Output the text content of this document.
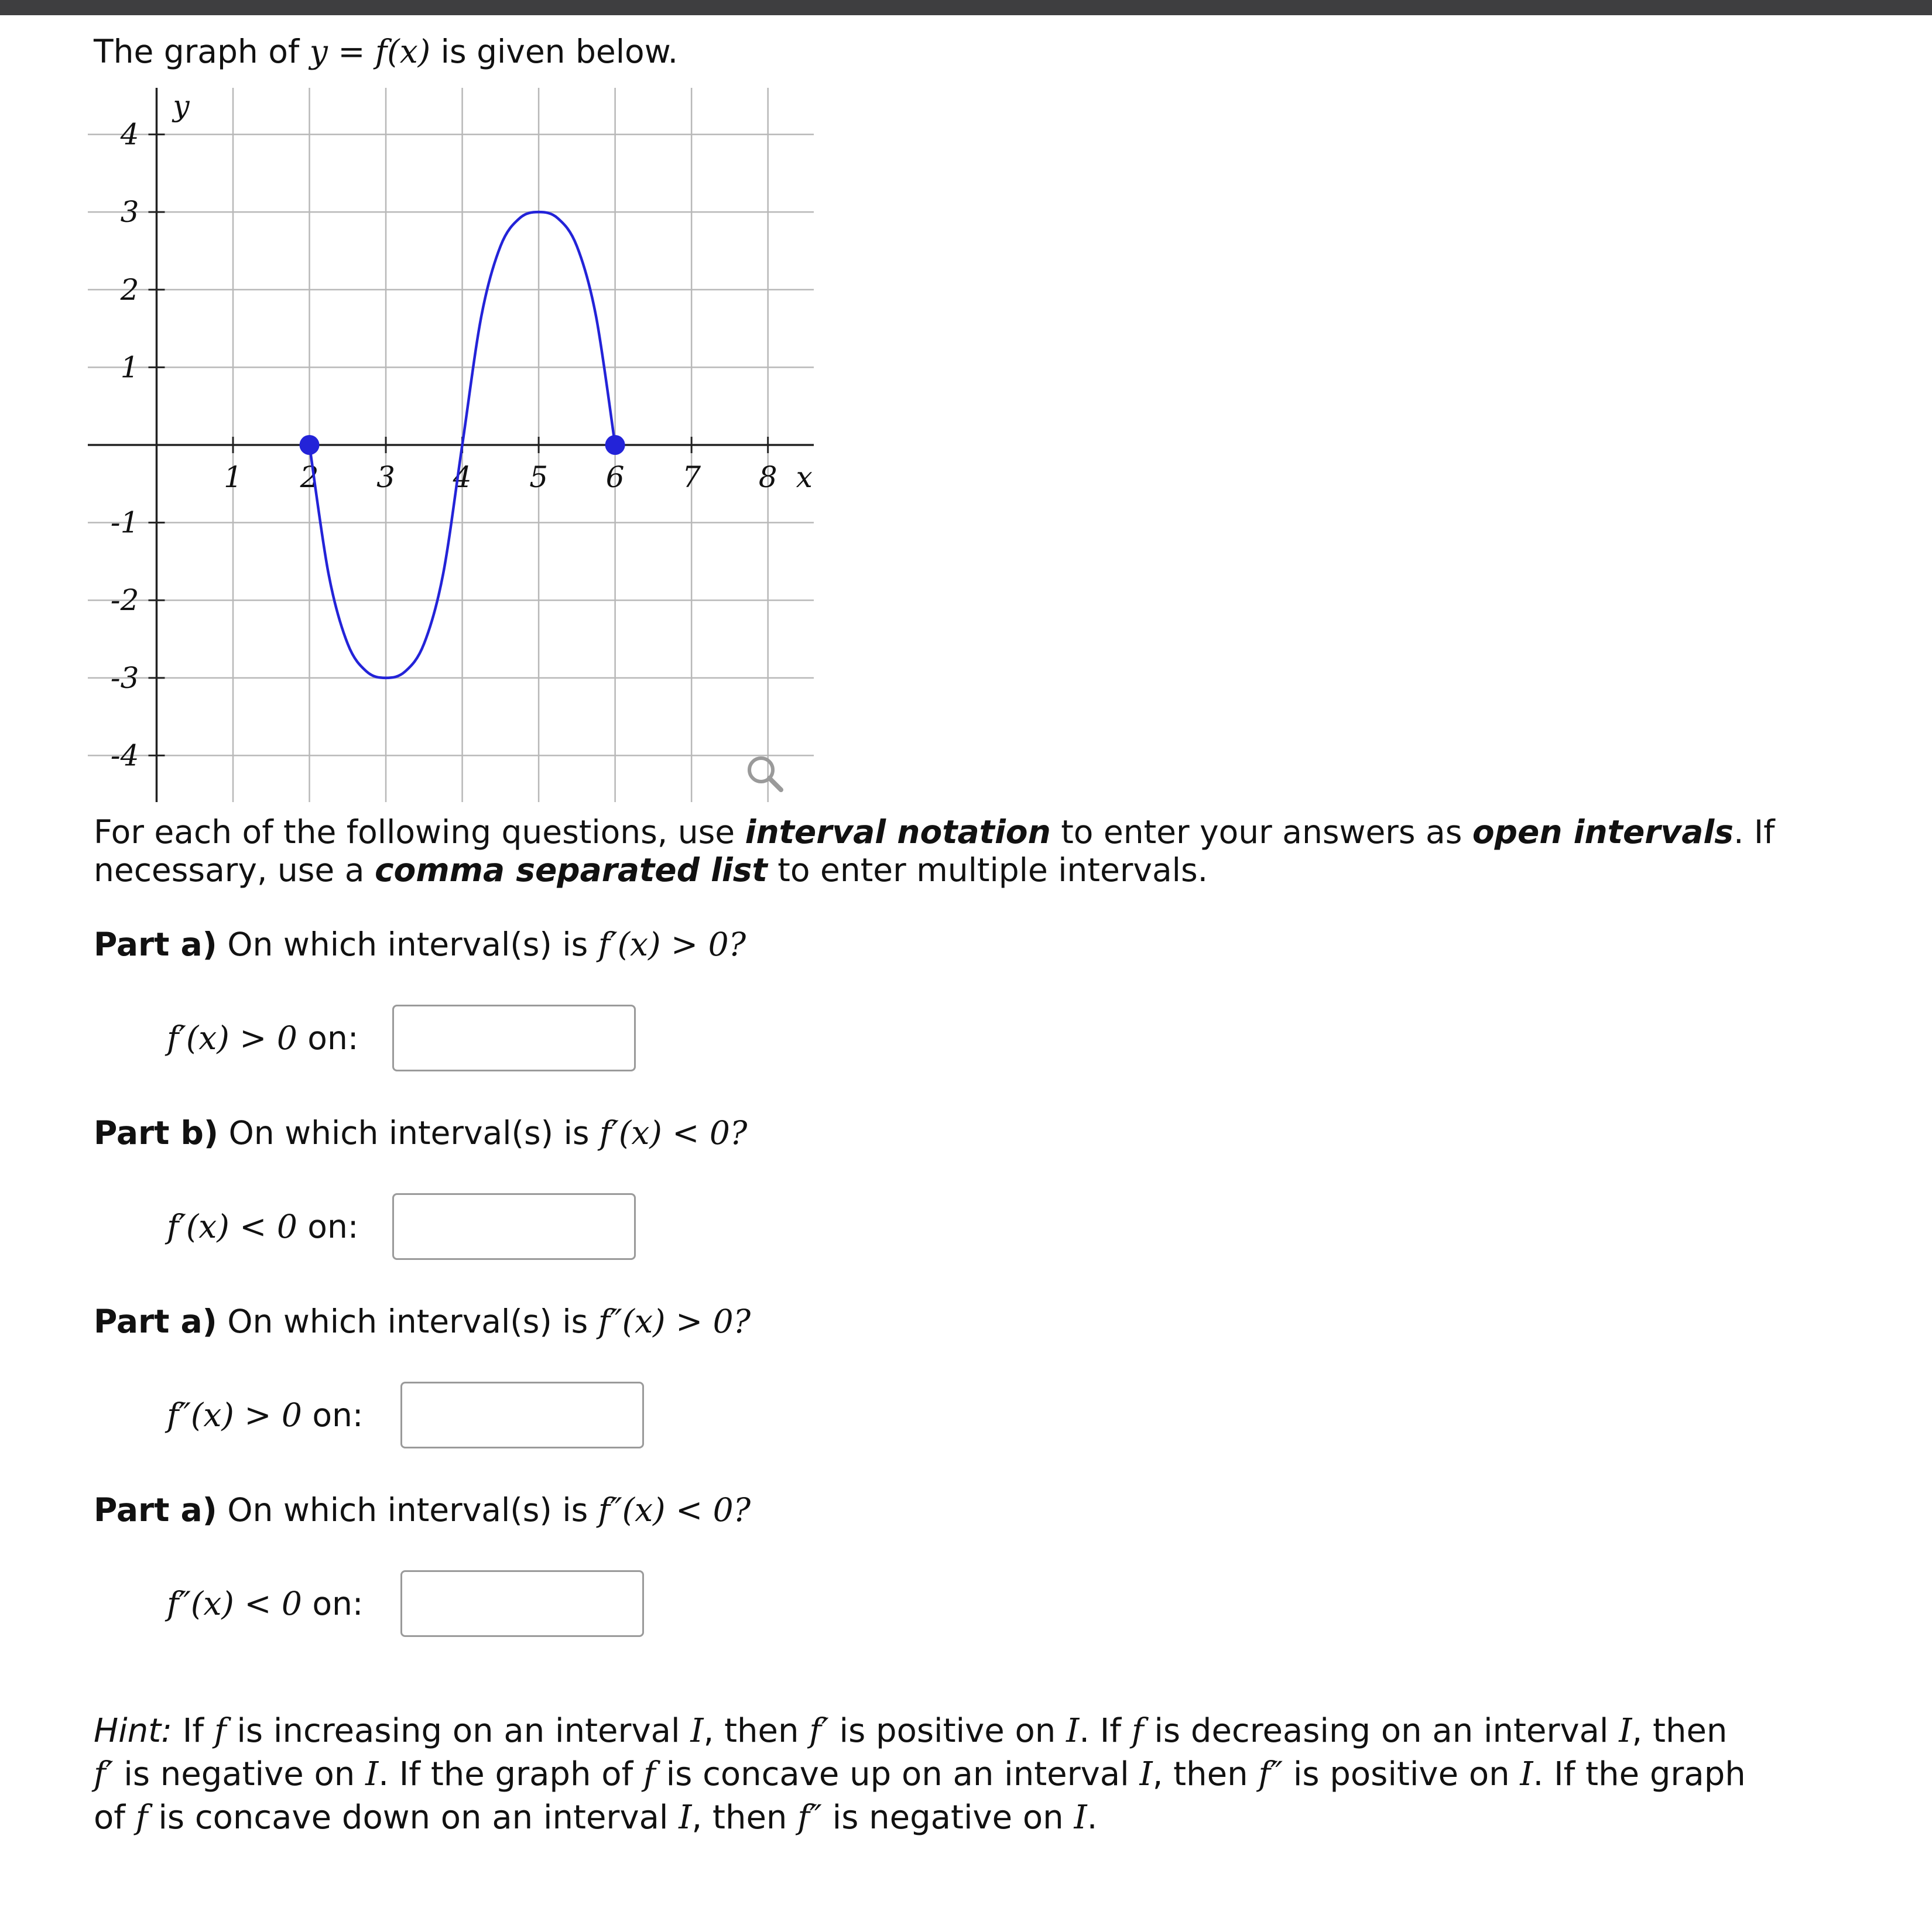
The graph of y = f(x) is given below.
1 2 3 4 5 6 7 8
-4
-3
-2
-1
1
2
3
4
x
y
For each of the following questions, use interval notation to enter your answers as open intervals. If
necessary, use a comma separated list to enter multiple intervals.
Part a) On which interval(s) is f′(x) > 0?
f′(x) > 0 on:
Part b) On which interval(s) is f′(x) < 0?
f′(x) < 0 on:
Part a) On which interval(s) is f″(x) > 0?
f″(x) > 0 on:
Part a) On which interval(s) is f″(x) < 0?
f″(x) < 0 on:
Hint: If f is increasing on an interval I, then f′ is positive on I. If f is decreasing on an interval I, then f′ is negative on I. If the graph of f is concave up on an interval I, then f″ is positive on I. If the graph of f is concave down on an interval I, then f″ is negative on I.
